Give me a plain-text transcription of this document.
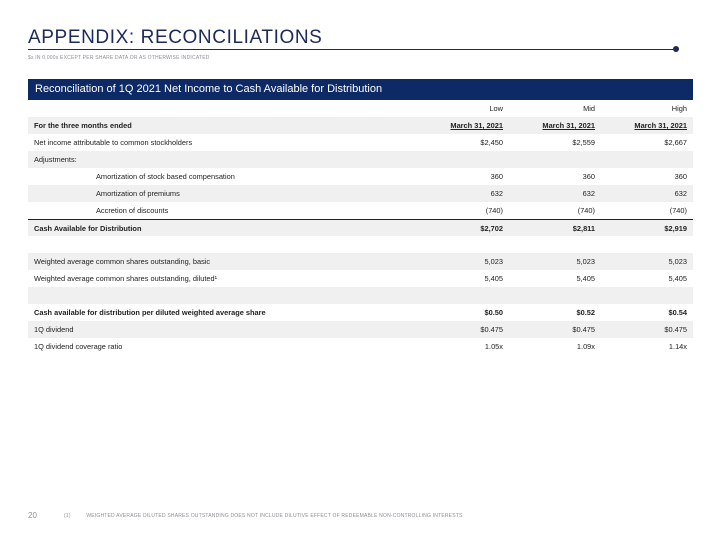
APPENDIX: RECONCILIATIONS
$s IN 0,000s EXCEPT PER SHARE DATA OR AS OTHERWISE INDICATED
Reconciliation of 1Q 2021 Net Income to Cash Available for Distribution
Low	Mid	High
For the three months ended	March 31, 2021	March 31, 2021	March 31, 2021
Net income attributable to common stockholders	$2,450	$2,559	$2,667
Adjustments:
Amortization of stock based compensation	360	360	360
Amortization of premiums	632	632	632
Accretion of discounts	(740)	(740)	(740)
Cash Available for Distribution	$2,702	$2,811	$2,919
Weighted average common shares outstanding, basic	5,023	5,023	5,023
Weighted average common shares outstanding, diluted¹	5,405	5,405	5,405
Cash available for distribution per diluted weighted average share	$0.50	$0.52	$0.54
1Q dividend	$0.475	$0.475	$0.475
1Q dividend coverage ratio	1.05x	1.09x	1.14x
20	(1)	WEIGHTED AVERAGE DILUTED SHARES OUTSTANDING DOES NOT INCLUDE DILUTIVE EFFECT OF REDEEMABLE NON-CONTROLLING INTERESTS
